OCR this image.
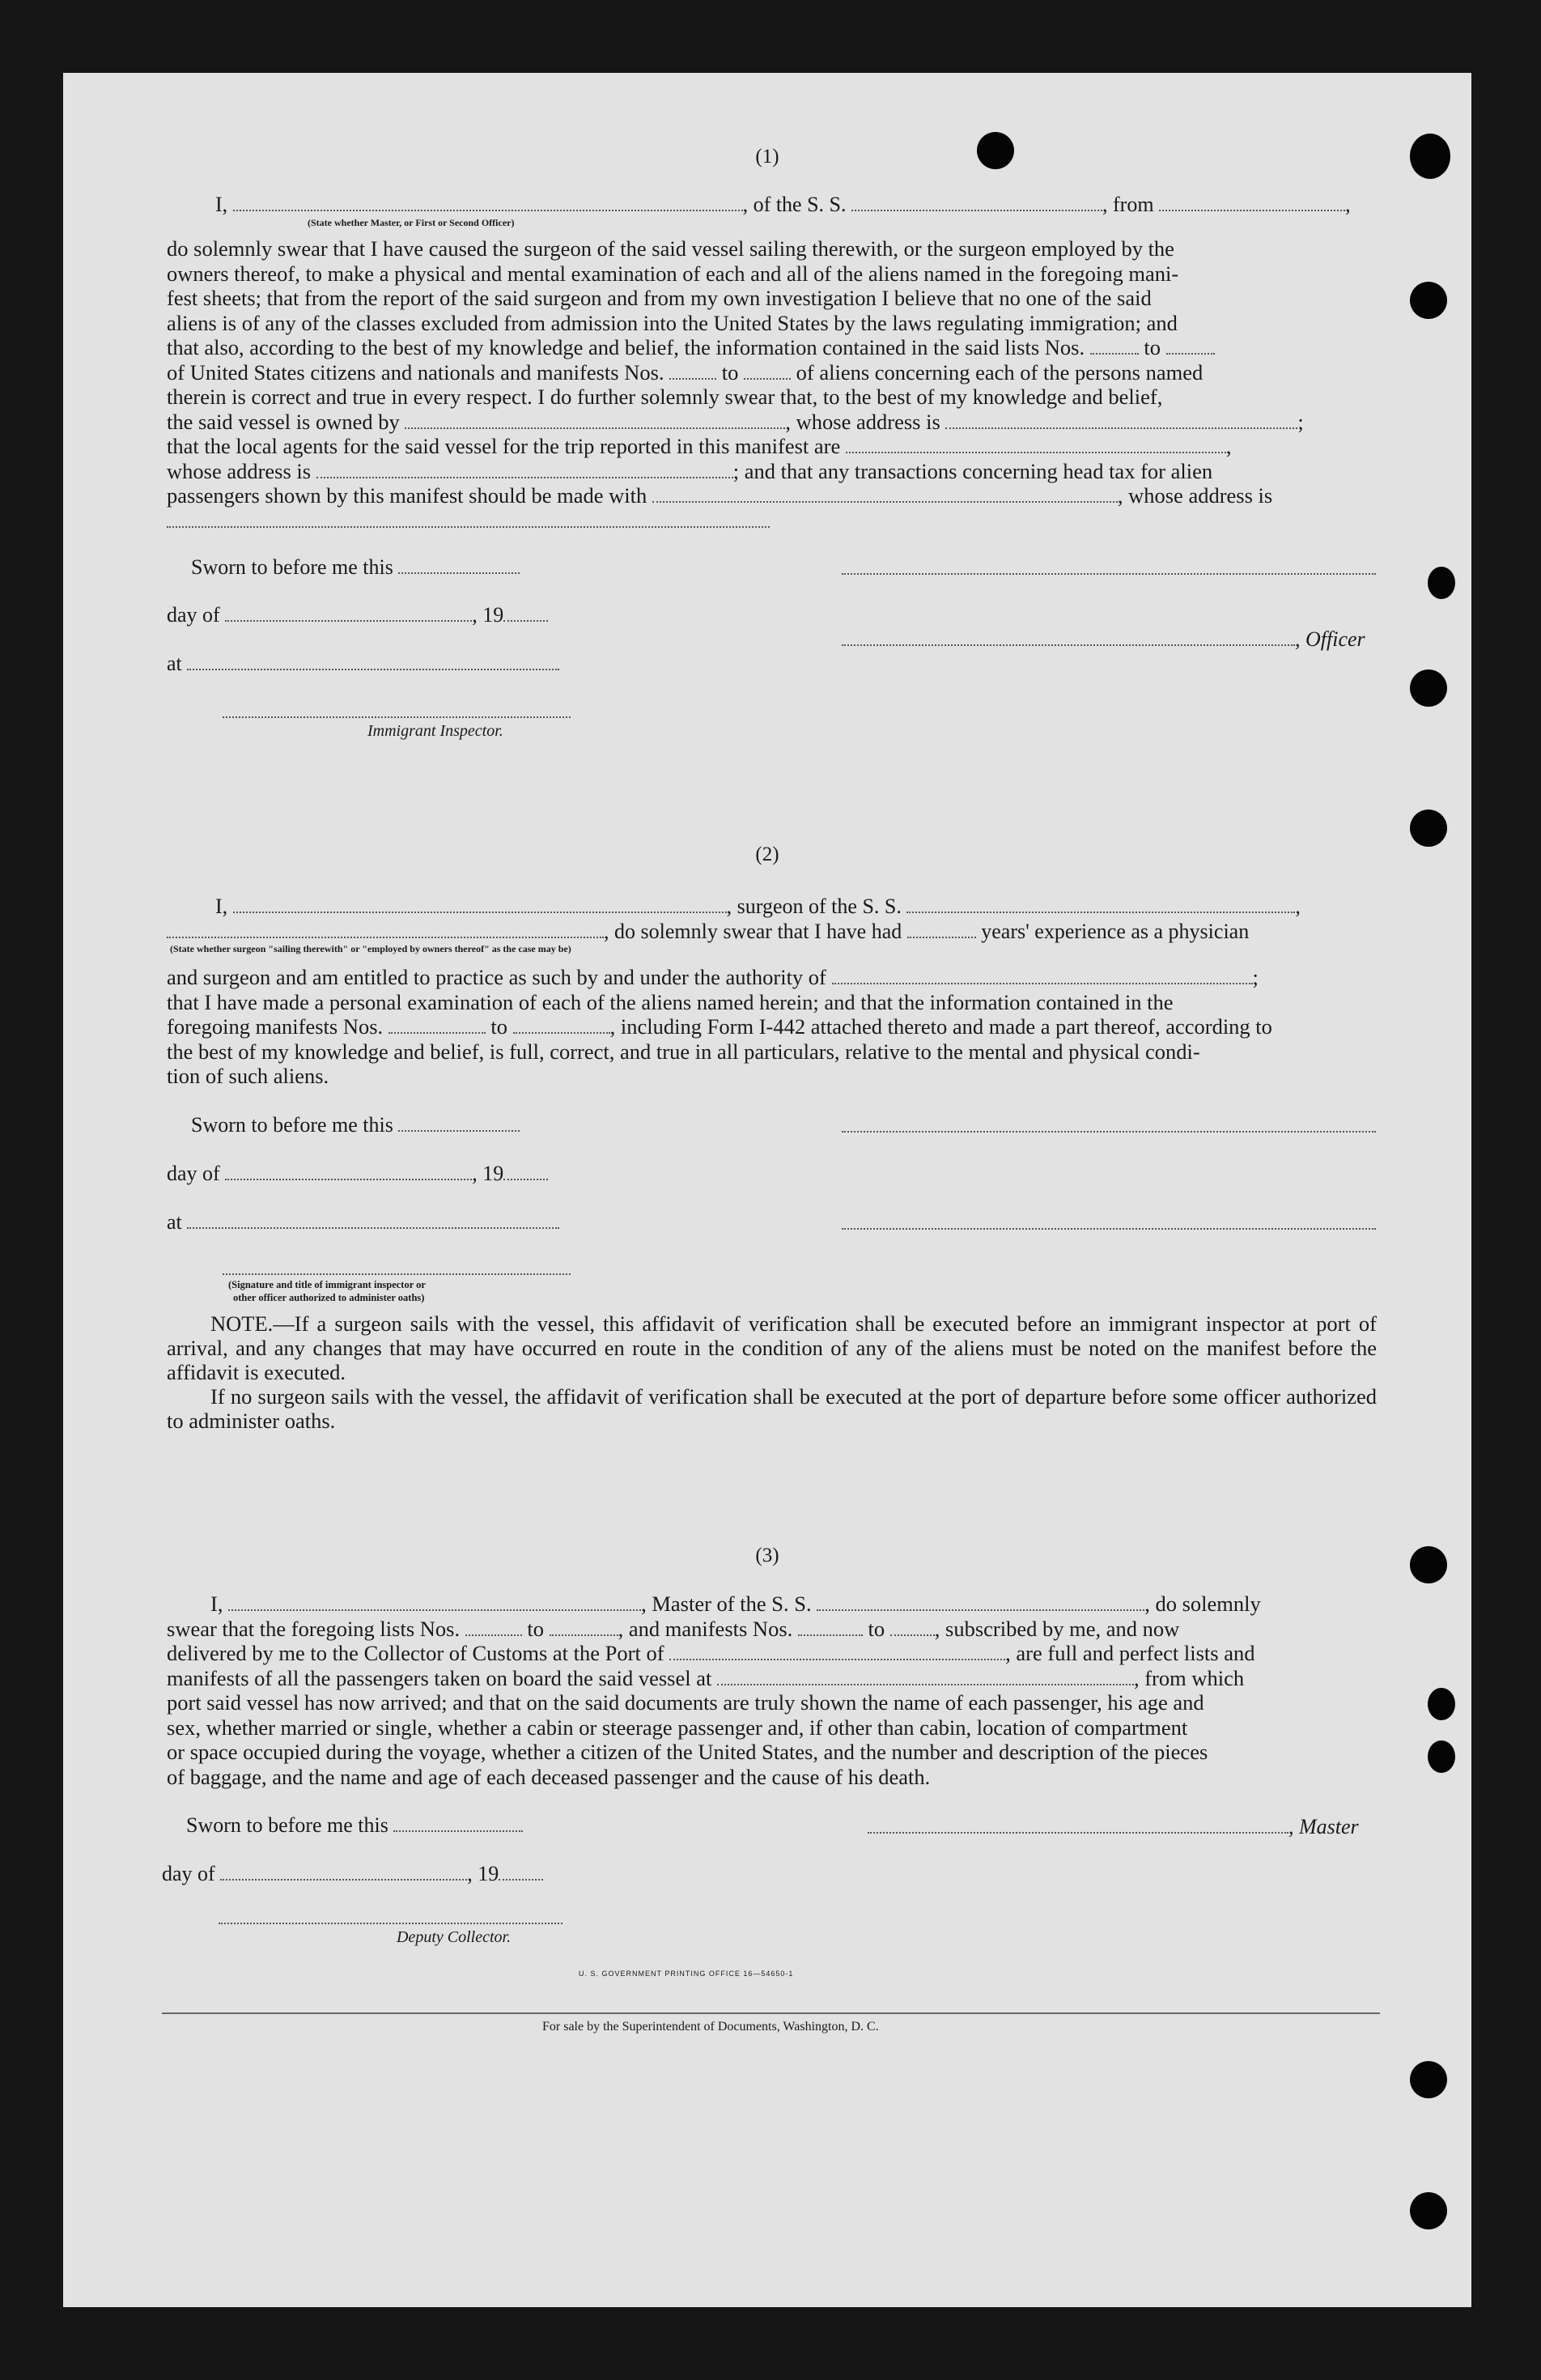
(1)
I,	, of the S. S.	, from	,
(State whether Master, or First or Second Officer)
do solemnly swear that I have caused the surgeon of the said vessel sailing therewith, or the surgeon employed by the
owners thereof, to make a physical and mental examination of each and all of the aliens named in the foregoing mani-
fest sheets; that from the report of the said surgeon and from my own investigation I believe that no one of the said
aliens is of any of the classes excluded from admission into the United States by the laws regulating immigration; and
that also, according to the best of my knowledge and belief, the information contained in the said lists Nos.	to
of United States citizens and nationals and manifests Nos.	to	of aliens concerning each of the persons named
therein is correct and true in every respect. I do further solemnly swear that, to the best of my knowledge and belief,
the said vessel is owned by	, whose address is	;
that the local agents for the said vessel for the trip reported in this manifest are	,
whose address is	; and that any transactions concerning head tax for alien
passengers shown by this manifest should be made with	, whose address is
Sworn to before me this
day of	, 19
, Officer
at
Immigrant Inspector.
(2)
I,	, surgeon of the S. S.	,
, do solemnly swear that I have had	years' experience as a physician
(State whether surgeon "sailing therewith" or "employed by owners thereof" as the case may be)
and surgeon and am entitled to practice as such by and under the authority of	;
that I have made a personal examination of each of the aliens named herein; and that the information contained in the
foregoing manifests Nos.	to	, including Form I-442 attached thereto and made a part thereof, according to
the best of my knowledge and belief, is full, correct, and true in all particulars, relative to the mental and physical condi-
tion of such aliens.
Sworn to before me this
day of	, 19
at
(Signature and title of immigrant inspector or
other officer authorized to administer oaths)
NOTE.—If a surgeon sails with the vessel, this affidavit of verification shall be executed before an immigrant inspector at port of arrival, and any changes that may have occurred en route in the condition of any of the aliens must be noted on the manifest before the affidavit is executed.
If no surgeon sails with the vessel, the affidavit of verification shall be executed at the port of departure before some officer authorized to administer oaths.
(3)
I,	, Master of the S. S.	, do solemnly
swear that the foregoing lists Nos.	to	, and manifests Nos.	to , subscribed by me, and now
delivered by me to the Collector of Customs at the Port of	, are full and perfect lists and
manifests of all the passengers taken on board the said vessel at	, from which
port said vessel has now arrived; and that on the said documents are truly shown the name of each passenger, his age and
sex, whether married or single, whether a cabin or steerage passenger and, if other than cabin, location of compartment
or space occupied during the voyage, whether a citizen of the United States, and the number and description of the pieces
of baggage, and the name and age of each deceased passenger and the cause of his death.
Sworn to before me this	, Master
day of	, 19
Deputy Collector.
U. S. GOVERNMENT PRINTING OFFICE 16—54650-1
For sale by the Superintendent of Documents, Washington, D. C.
